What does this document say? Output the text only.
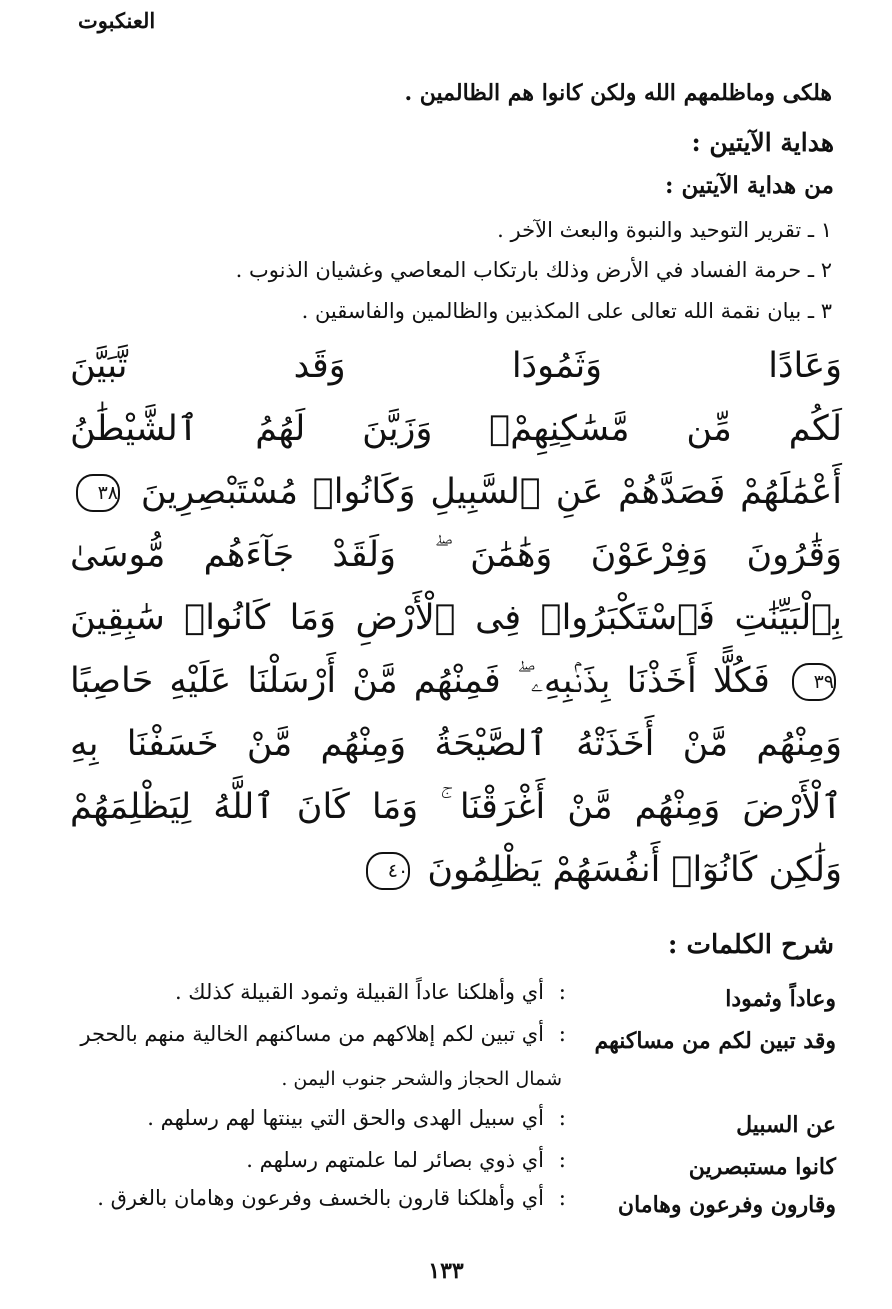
العنكبوت
هلكى وماظلمهم الله ولكن كانوا هم الظالمين .
هداية الآيتين :
من هداية الآيتين :
١ ـ تقرير التوحيد والنبوة والبعث الآخر .
٢ ـ حرمة الفساد في الأرض وذلك بارتكاب المعاصي وغشيان الذنوب .
٣ ـ بيان نقمة الله تعالى على المكذبين والظالمين والفاسقين .
وَعَادًا وَثَمُودَا وَقَد تَّبَيَّنَ
لَكُم مِّن مَّسَٰكِنِهِمْۖ وَزَيَّنَ لَهُمُ ٱلشَّيْطَٰنُ
أَعْمَٰلَهُمْ فَصَدَّهُمْ عَنِ ٱلسَّبِيلِ وَكَانُوا۟ مُسْتَبْصِرِينَ ٣٨
وَقَٰرُونَ وَفِرْعَوْنَ وَهَٰمَٰنَ ۖ وَلَقَدْ جَآءَهُم مُّوسَىٰ
بِٱلْبَيِّنَٰتِ فَٱسْتَكْبَرُوا۟ فِى ٱلْأَرْضِ وَمَا كَانُوا۟ سَٰبِقِينَ
٣٩ فَكُلًّا أَخَذْنَا بِذَنۢبِهِۦ ۖ فَمِنْهُم مَّنْ أَرْسَلْنَا عَلَيْهِ حَاصِبًا
وَمِنْهُم مَّنْ أَخَذَتْهُ ٱلصَّيْحَةُ وَمِنْهُم مَّنْ خَسَفْنَا بِهِ
ٱلْأَرْضَ وَمِنْهُم مَّنْ أَغْرَقْنَا ۚ وَمَا كَانَ ٱللَّهُ لِيَظْلِمَهُمْ
وَلَٰكِن كَانُوٓا۟ أَنفُسَهُمْ يَظْلِمُونَ ٤٠
شرح الكلمات :
وعاداً وثمودا
:
أي وأهلكنا عاداً القبيلة وثمود القبيلة كذلك .
وقد تبين لكم من مساكنهم
:
أي تبين لكم إهلاكهم من مساكنهم الخالية منهم بالحجر
شمال الحجاز والشحر جنوب اليمن .
عن السبيل
:
أي سبيل الهدى والحق التي بينتها لهم رسلهم .
كانوا مستبصرين
:
أي ذوي بصائر لما علمتهم رسلهم .
وقارون وفرعون وهامان
:
أي وأهلكنا قارون بالخسف وفرعون وهامان بالغرق .
١٣٣
